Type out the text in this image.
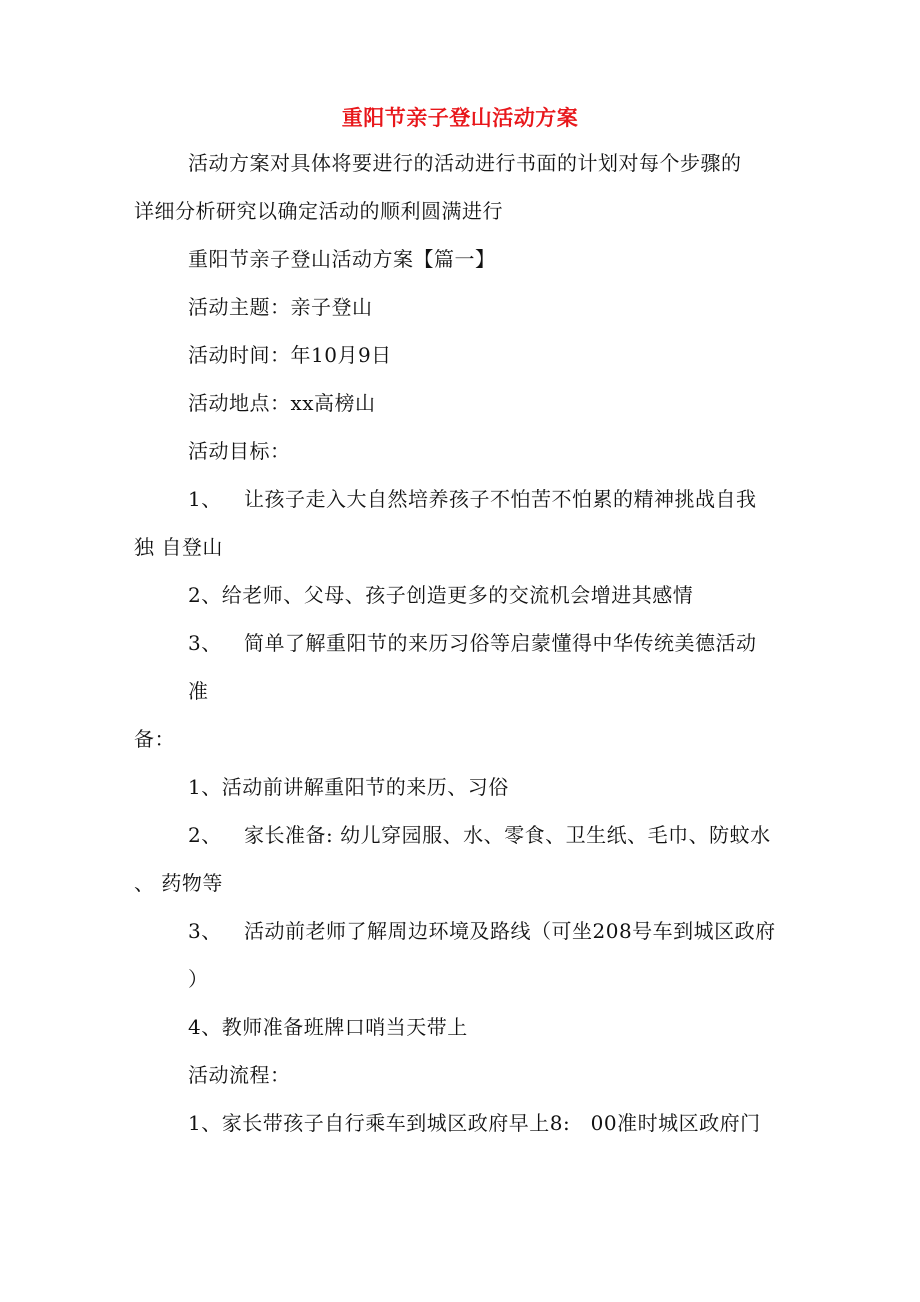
重阳节亲子登山活动方案
活动方案对具体将要进行的活动进行书面的计划对每个步骤的
详细分析研究以确定活动的顺利圆满进行
重阳节亲子登山活动方案【篇一】
活动主题：亲子登山
活动时间：年10月9日
活动地点：xx高榜山
活动目标：
1、 让孩子走入大自然培养孩子不怕苦不怕累的精神挑战自我
独 自登山
2、给老师、父母、孩子创造更多的交流机会增进其感情
3、 简单了解重阳节的来历习俗等启蒙懂得中华传统美德活动
准
备：
1、活动前讲解重阳节的来历、习俗
2、 家长准备: 幼儿穿园服、水、零食、卫生纸、毛巾、防蚊水
、 药物等
3、 活动前老师了解周边环境及路线（可坐208号车到城区政府
）
4、教师准备班牌口哨当天带上
活动流程：
1、家长带孩子自行乘车到城区政府早上8:　00准时城区政府门
